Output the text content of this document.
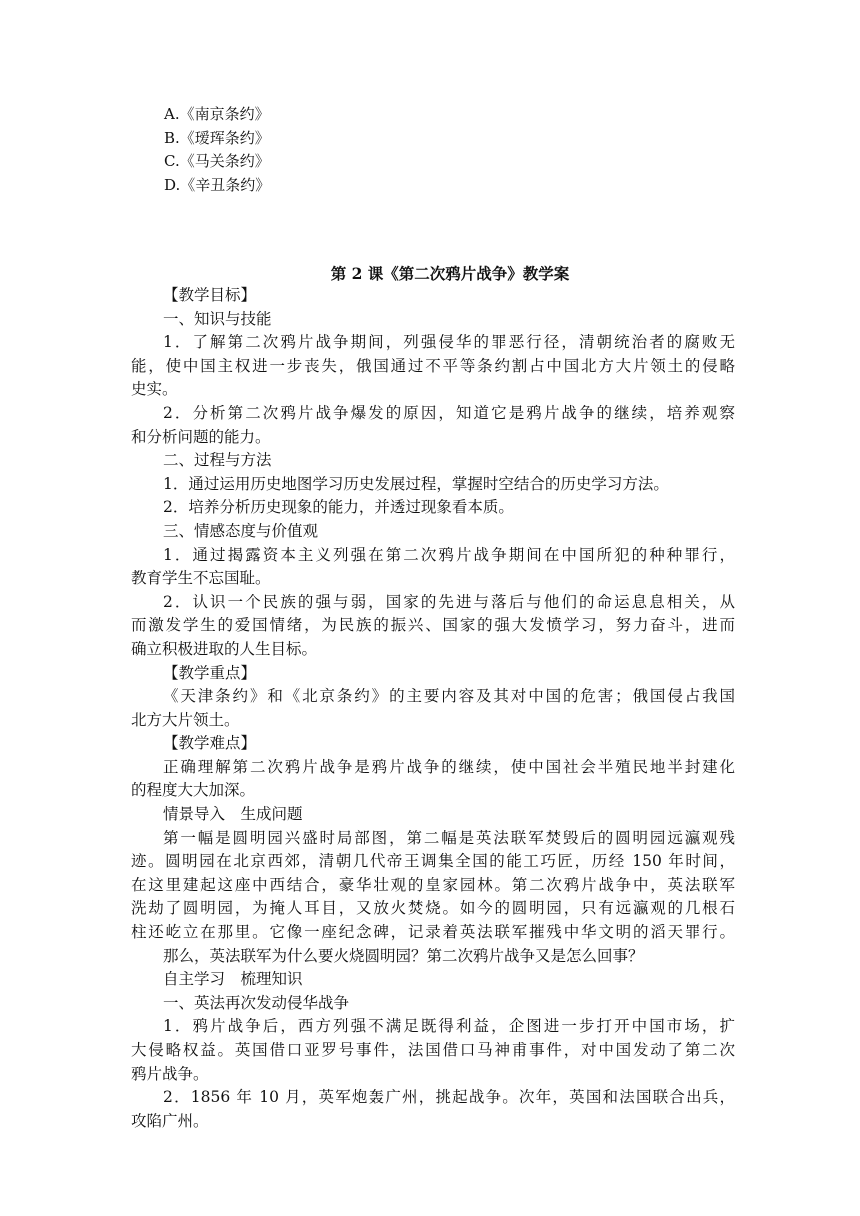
A.《南京条约》
B.《瑷珲条约》
C.《马关条约》
D.《辛丑条约》
第 2 课《第二次鸦片战争》教学案
【教学目标】
一、知识与技能
1．了解第二次鸦片战争期间，列强侵华的罪恶行径，清朝统治者的腐败无
能，使中国主权进一步丧失，俄国通过不平等条约割占中国北方大片领土的侵略
史实。
2．分析第二次鸦片战争爆发的原因，知道它是鸦片战争的继续，培养观察
和分析问题的能力。
二、过程与方法
1．通过运用历史地图学习历史发展过程，掌握时空结合的历史学习方法。
2．培养分析历史现象的能力，并透过现象看本质。
三、情感态度与价值观
1．通过揭露资本主义列强在第二次鸦片战争期间在中国所犯的种种罪行，
教育学生不忘国耻。
2．认识一个民族的强与弱，国家的先进与落后与他们的命运息息相关，从
而激发学生的爱国情绪，为民族的振兴、国家的强大发愤学习，努力奋斗，进而
确立积极进取的人生目标。
【教学重点】
《天津条约》和《北京条约》的主要内容及其对中国的危害；俄国侵占我国
北方大片领土。
【教学难点】
正确理解第二次鸦片战争是鸦片战争的继续，使中国社会半殖民地半封建化
的程度大大加深。
情景导入　生成问题
第一幅是圆明园兴盛时局部图，第二幅是英法联军焚毁后的圆明园远瀛观残
迹。圆明园在北京西郊，清朝几代帝王调集全国的能工巧匠，历经 150 年时间，
在这里建起这座中西结合，豪华壮观的皇家园林。第二次鸦片战争中，英法联军
洗劫了圆明园，为掩人耳目，又放火焚烧。如今的圆明园，只有远瀛观的几根石
柱还屹立在那里。它像一座纪念碑，记录着英法联军摧残中华文明的滔天罪行。
那么，英法联军为什么要火烧圆明园？第二次鸦片战争又是怎么回事？
自主学习　梳理知识
一、英法再次发动侵华战争
1．鸦片战争后，西方列强不满足既得利益，企图进一步打开中国市场，扩
大侵略权益。英国借口亚罗号事件，法国借口马神甫事件，对中国发动了第二次
鸦片战争。
2．1856 年 10 月，英军炮轰广州，挑起战争。次年，英国和法国联合出兵，
攻陷广州。
